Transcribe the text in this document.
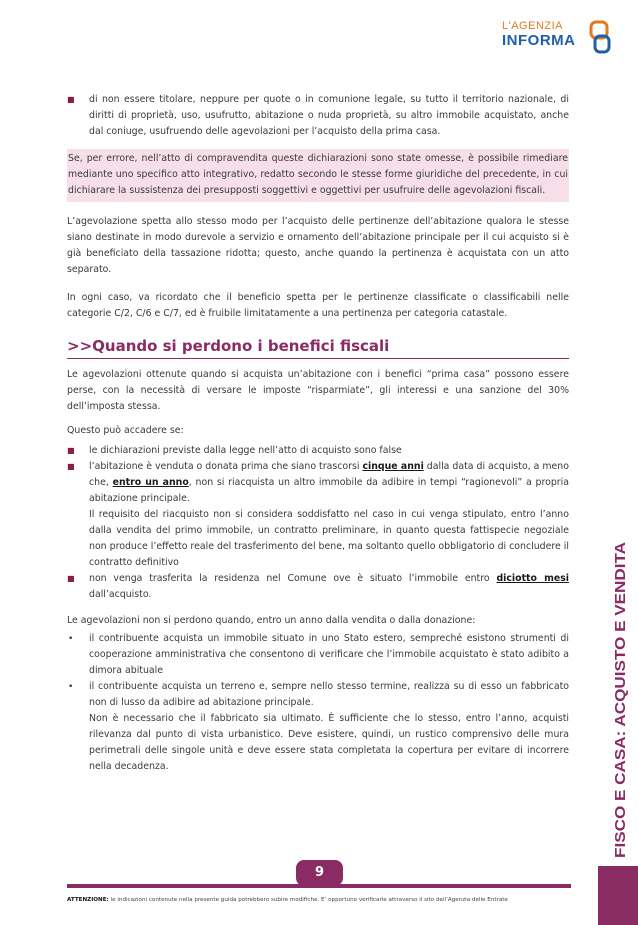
L'AGENZIA
INFORMA
■ di non essere titolare, neppure per quote o in comunione legale, su tutto il territorio nazionale, di diritti di proprietà, uso, usufrutto, abitazione o nuda proprietà, su altro immobile acquistato, anche dal coniuge, usufruendo delle agevolazioni per l’acquisto della prima casa.
Se, per errore, nell’atto di compravendita queste dichiarazioni sono state omesse, è possibile rimediare mediante uno specifico atto integrativo, redatto secondo le stesse forme giuridiche del precedente, in cui dichiarare la sussistenza dei presupposti soggettivi e oggettivi per usufruire delle agevolazioni fiscali.
L’agevolazione spetta allo stesso modo per l’acquisto delle pertinenze dell’abitazione qualora le stesse siano destinate in modo durevole a servizio e ornamento dell’abitazione principale per il cui acquisto si è già beneficiato della tassazione ridotta; questo, anche quando la pertinenza è acquistata con un atto separato.
In ogni caso, va ricordato che il beneficio spetta per le pertinenze classificate o classificabili nelle categorie C/2, C/6 e C/7, ed è fruibile limitatamente a una pertinenza per categoria catastale.
>>Quando si perdono i benefici fiscali
Le agevolazioni ottenute quando si acquista un’abitazione con i benefici “prima casa” possono essere perse, con la necessità di versare le imposte “risparmiate”, gli interessi e una sanzione del 30% dell’imposta stessa.
Questo può accadere se:
■ le dichiarazioni previste dalla legge nell’atto di acquisto sono false
■ l’abitazione è venduta o donata prima che siano trascorsi cinque anni dalla data di acquisto, a meno che, entro un anno, non si riacquista un altro immobile da adibire in tempi “ragionevoli” a propria abitazione principale.
Il requisito del riacquisto non si considera soddisfatto nel caso in cui venga stipulato, entro l’anno dalla vendita del primo immobile, un contratto preliminare, in quanto questa fattispecie negoziale non produce l’effetto reale del trasferimento del bene, ma soltanto quello obbligatorio di concludere il contratto definitivo
■ non venga trasferita la residenza nel Comune ove è situato l’immobile entro diciotto mesi dall’acquisto.
Le agevolazioni non si perdono quando, entro un anno dalla vendita o dalla donazione:
• il contribuente acquista un immobile situato in uno Stato estero, sempreché esistono strumenti di cooperazione amministrativa che consentono di verificare che l’immobile acquistato è stato adibito a dimora abituale
• il contribuente acquista un terreno e, sempre nello stesso termine, realizza su di esso un fabbricato non di lusso da adibire ad abitazione principale.
Non è necessario che il fabbricato sia ultimato. È sufficiente che lo stesso, entro l’anno, acquisti rilevanza dal punto di vista urbanistico. Deve esistere, quindi, un rustico comprensivo delle mura perimetrali delle singole unità e deve essere stata completata la copertura per evitare di incorrere nella decadenza.	FISCO E CASA: ACQUISTO E VENDITA
9
ATTENZIONE: le indicazioni contenute nella presente guida potrebbero subire modifiche. E’ opportuno verificarle attraverso il sito dell’Agenzia delle Entrate
